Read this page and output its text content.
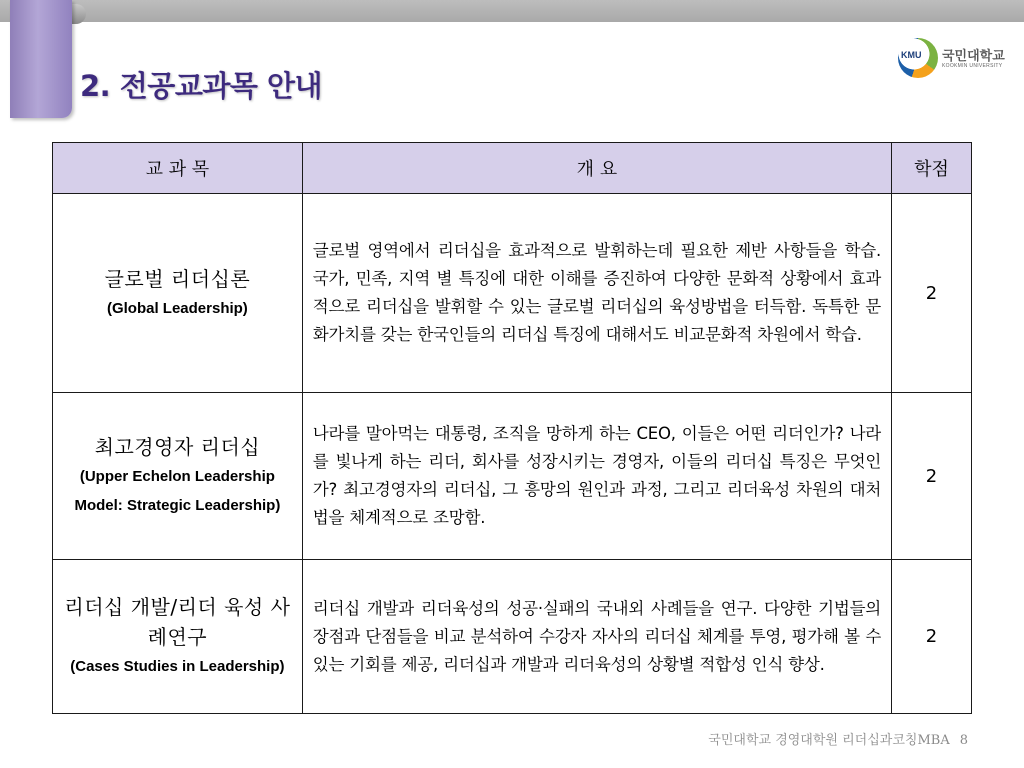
2. 전공교과목 안내
KMU 국민대학교
KOOKMIN UNIVERSITY
교 과 목	개 요	학점

글로벌 리더십론
(Global Leadership)	글로벌 영역에서 리더십을 효과적으로 발휘하는데 필요한 제반 사항들을 학습. 국가, 민족, 지역 별 특징에 대한 이해를 증진하여 다양한 문화적 상황에서 효과적으로 리더십을 발휘할 수 있는 글로벌 리더십의 육성방법을 터득함. 독특한 문화가치를 갖는 한국인들의 리더십 특징에 대해서도 비교문화적 차원에서 학습.	2

최고경영자 리더십
(Upper Echelon Leadership Model: Strategic Leadership)	나라를 말아먹는 대통령, 조직을 망하게 하는 CEO, 이들은 어떤 리더인가? 나라를 빛나게 하는 리더, 회사를 성장시키는 경영자, 이들의 리더십 특징은 무엇인가? 최고경영자의 리더십, 그 흥망의 원인과 과정, 그리고 리더육성 차원의 대처법을 체계적으로 조망함.	2

리더십 개발/리더 육성 사례연구
(Cases Studies in Leadership)	리더십 개발과 리더육성의 성공·실패의 국내외 사례들을 연구. 다양한 기법들의 장점과 단점들을 비교 분석하여 수강자 자사의 리더십 체계를 투영, 평가해 볼 수 있는 기회를 제공, 리더십과 개발과 리더육성의 상황별 적합성 인식 향상.	2
국민대학교 경영대학원 리더십과코칭MBA 8
